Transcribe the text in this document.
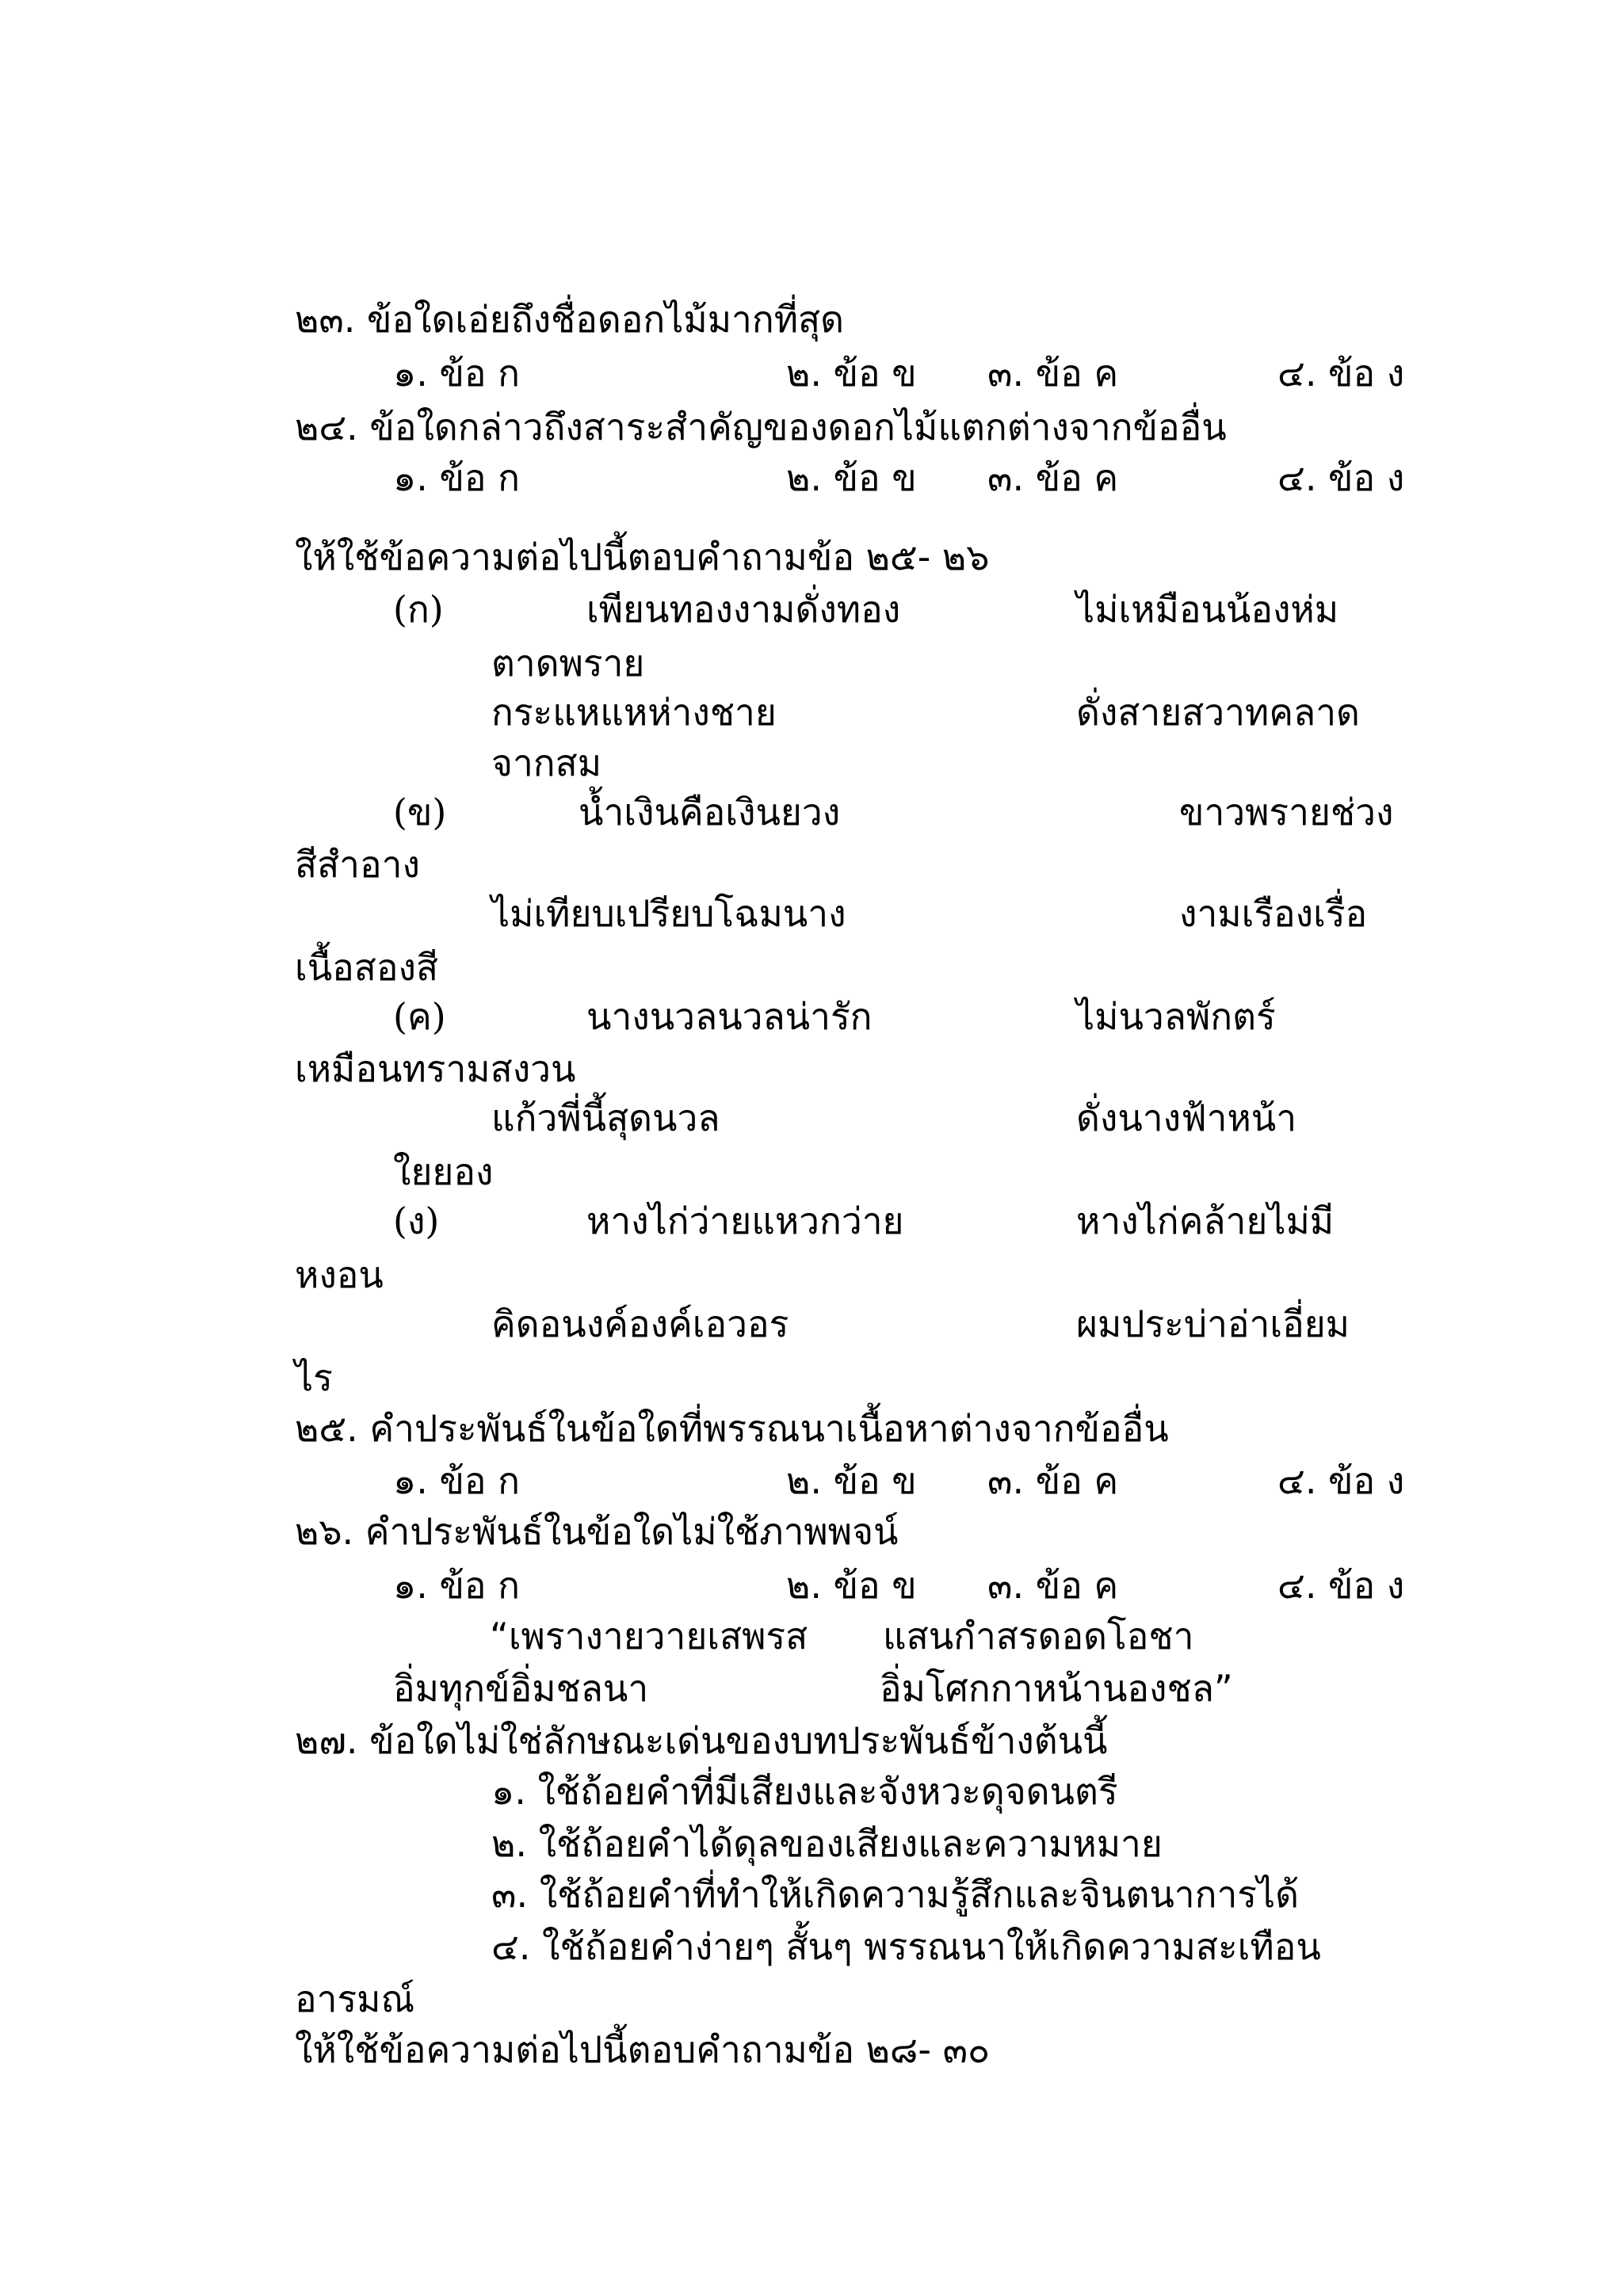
๒๓. ข้อใดเอ่ยถึงชื่อดอกไม้มากที่สุด

๑. ข้อ ก	๒. ข้อ ข ๓. ข้อ ค	๔. ข้อ ง

๒๔. ข้อใดกล่าวถึงสาระสำคัญของดอกไม้แตกต่างจากข้ออื่น

๑. ข้อ ก	๒. ข้อ ข ๓. ข้อ ค	๔. ข้อ ง

ให้ใช้ข้อความต่อไปนี้ตอบคำถามข้อ ๒๕- ๒๖

(ก)	เพียนทองงามดั่งทอง	ไม่เหมือนน้องห่ม

ตาดพราย

กระแหแหห่างชาย	ดั่งสายสวาทคลาด

จากสม

(ข)	น้ำเงินคือเงินยวง	ขาวพรายช่วง

สีสำอาง

ไม่เทียบเปรียบโฉมนาง	งามเรืองเรื่อ

เนื้อสองสี

(ค)	นางนวลนวลน่ารัก	ไม่นวลพักตร์

เหมือนทรามสงวน

แก้วพี่นี้สุดนวล	ดั่งนางฟ้าหน้า

ใยยอง

(ง)	หางไก่ว่ายแหวกว่าย	หางไก่คล้ายไม่มี

หงอน

คิดอนงค์องค์เอวอร	ผมประบ่าอ่าเอี่ยม

ไร

๒๕. คำประพันธ์ในข้อใดที่พรรณนาเนื้อหาต่างจากข้ออื่น

๑. ข้อ ก	๒. ข้อ ข ๓. ข้อ ค	๔. ข้อ ง

๒๖. คำประพันธ์ในข้อใดไม่ใช้ภาพพจน์

๑. ข้อ ก	๒. ข้อ ข ๓. ข้อ ค	๔. ข้อ ง

“เพรางายวายเสพรส แสนกำสรดอดโอชา

อิ่มทุกข์อิ่มชลนา	อิ่มโศกกาหน้านองชล”

๒๗. ข้อใดไม่ใช่ลักษณะเด่นของบทประพันธ์ข้างต้นนี้

๑. ใช้ถ้อยคำที่มีเสียงและจังหวะดุจดนตรี

๒. ใช้ถ้อยคำได้ดุลของเสียงและความหมาย

๓. ใช้ถ้อยคำที่ทำให้เกิดความรู้สึกและจินตนาการได้

๔. ใช้ถ้อยคำง่ายๆ สั้นๆ พรรณนาให้เกิดความสะเทือน

อารมณ์

ให้ใช้ข้อความต่อไปนี้ตอบคำถามข้อ ๒๘- ๓๐
